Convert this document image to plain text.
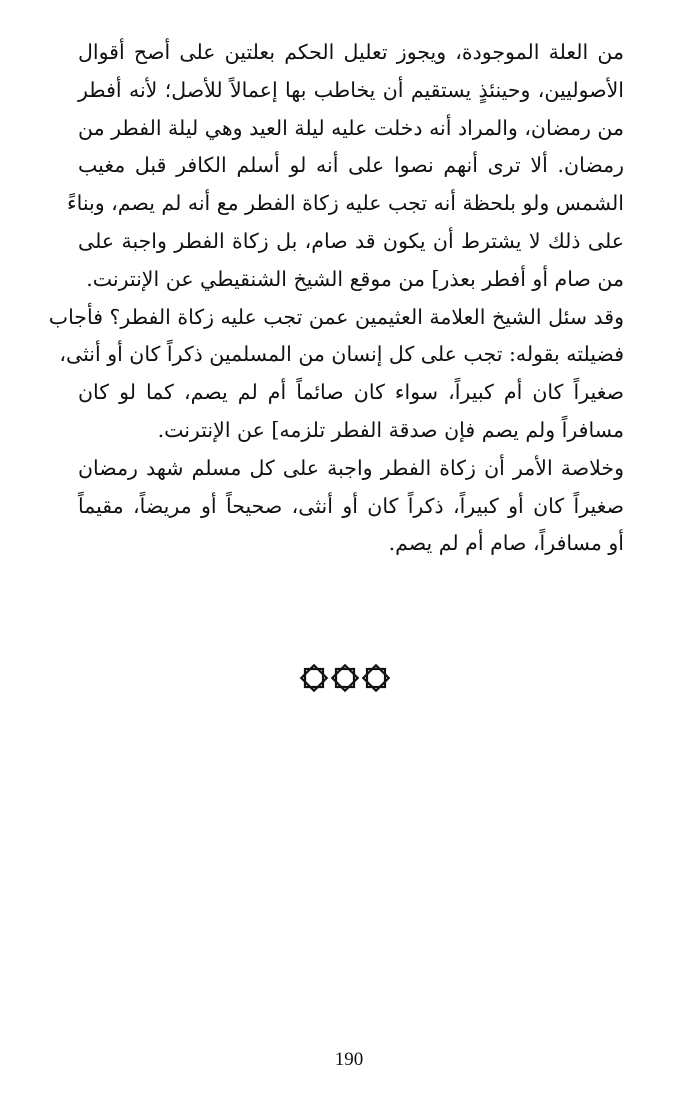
من العلة الموجودة، ويجوز تعليل الحكم بعلتين على أصح أقوال
الأصوليين، وحينئذٍ يستقيم أن يخاطب بها إعمالاً للأصل؛ لأنه أفطر
من رمضان، والمراد أنه دخلت عليه ليلة العيد وهي ليلة الفطر من
رمضان. ألا ترى أنهم نصوا على أنه لو أسلم الكافر قبل مغيب
الشمس ولو بلحظة أنه تجب عليه زكاة الفطر مع أنه لم يصم، وبناءً
على ذلك لا يشترط أن يكون قد صام، بل زكاة الفطر واجبة على
من صام أو أفطر بعذر] من موقع الشيخ الشنقيطي عن الإنترنت.
وقد سئل الشيخ العلامة العثيمين عمن تجب عليه زكاة الفطر؟ فأجاب
فضيلته بقوله: تجب على كل إنسان من المسلمين ذكراً كان أو أنثى،
صغيراً كان أم كبيراً، سواء كان صائماً أم لم يصم، كما لو كان
مسافراً ولم يصم فإن صدقة الفطر تلزمه] عن الإنترنت.
وخلاصة الأمر أن زكاة الفطر واجبة على كل مسلم شهد رمضان
صغيراً كان أو كبيراً، ذكراً كان أو أنثى، صحيحاً أو مريضاً، مقيماً
أو مسافراً، صام أم لم يصم.
190
